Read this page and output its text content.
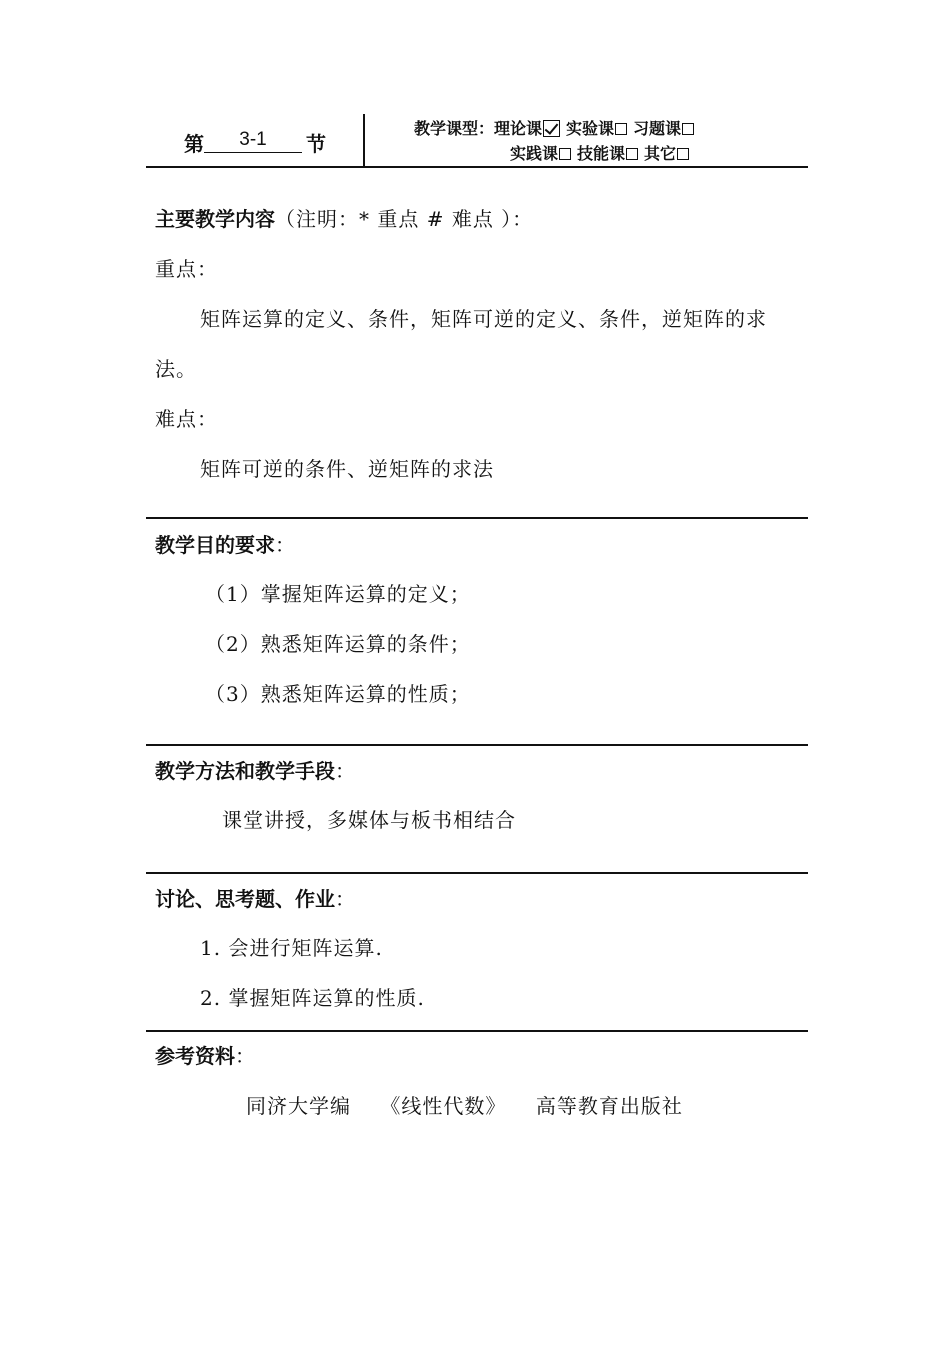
第	3-1	节
教学课型：理论课 实验课 习题课
实践课 技能课 其它
主要教学内容（注明：* 重点 # 难点 ）：
重点：
矩阵运算的定义、条件，矩阵可逆的定义、条件，逆矩阵的求
法。
难点：
矩阵可逆的条件、逆矩阵的求法
教学目的要求：
（1）掌握矩阵运算的定义；
（2）熟悉矩阵运算的条件；
（3）熟悉矩阵运算的性质；
教学方法和教学手段：
课堂讲授，多媒体与板书相结合
讨论、思考题、作业：
1. 会进行矩阵运算.
2. 掌握矩阵运算的性质.
参考资料：
同济大学编    《线性代数》    高等教育出版社
